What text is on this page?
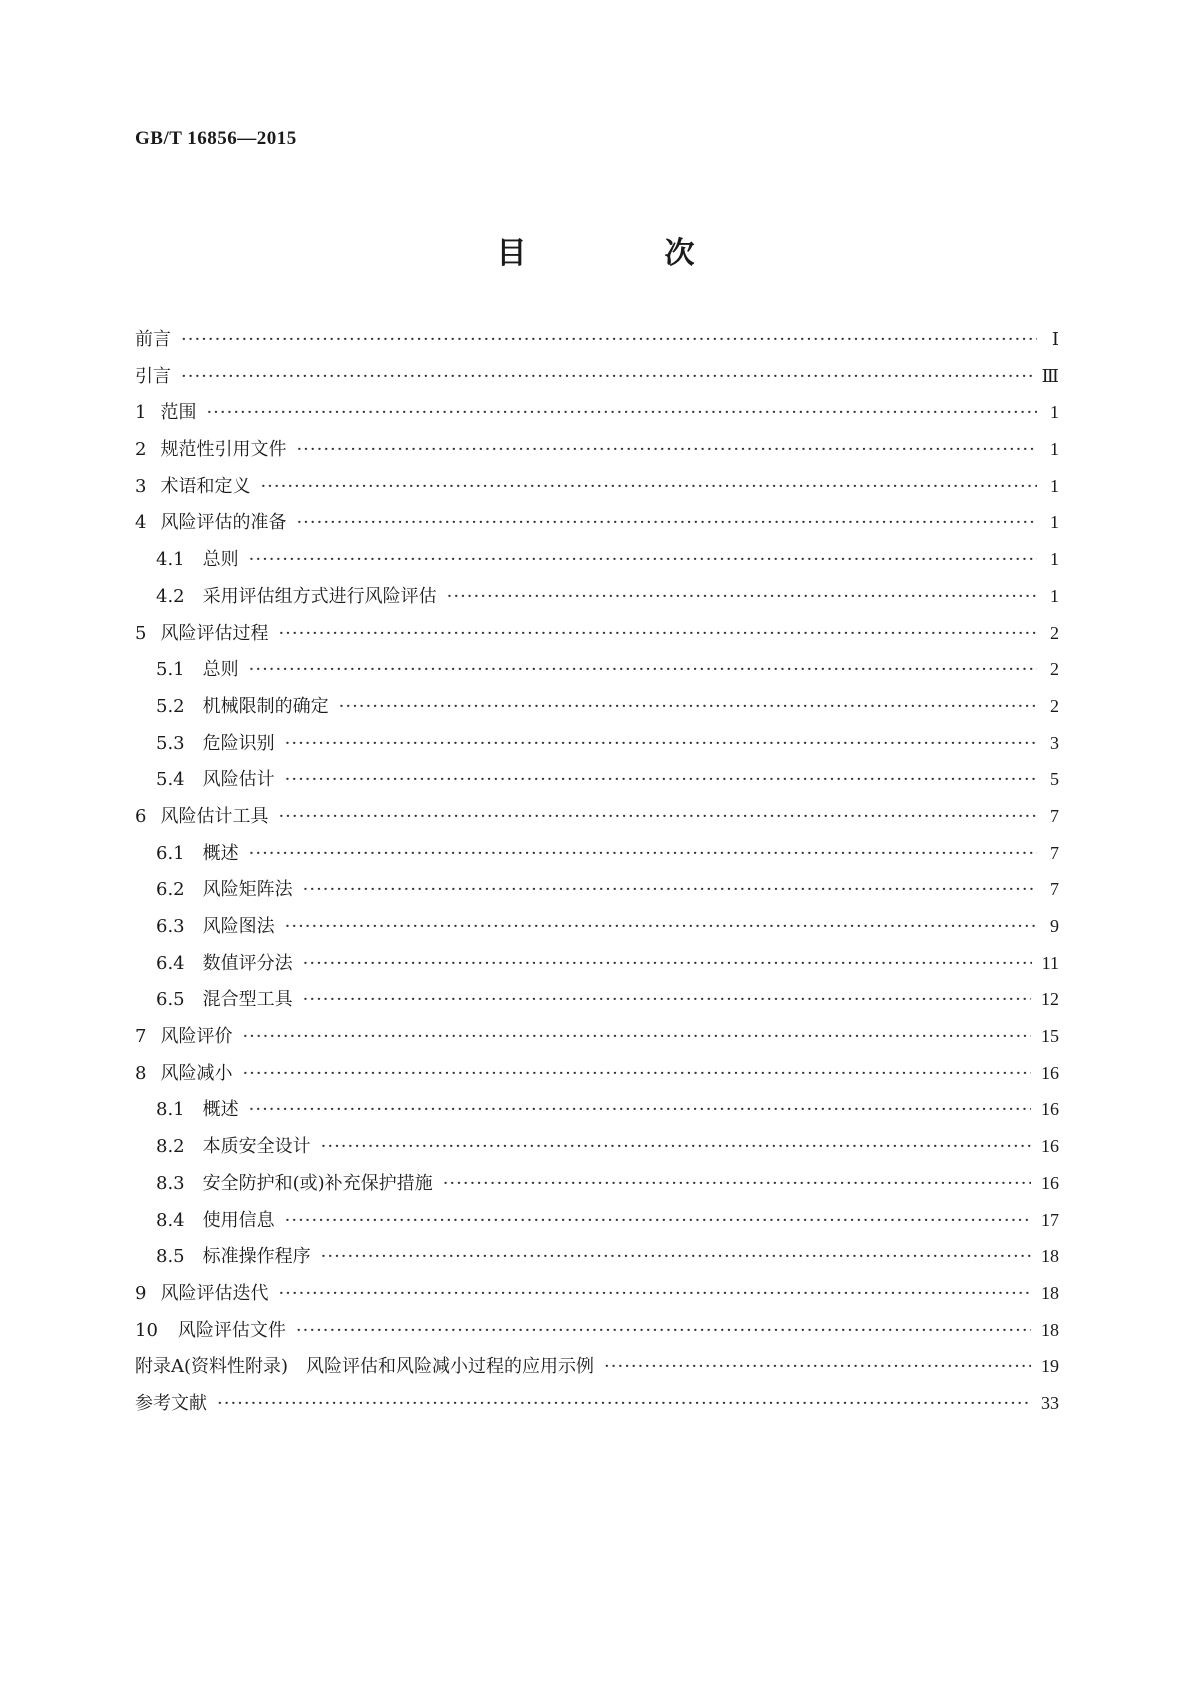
GB/T 16856—2015
目　次
前言 ·····	Ⅰ
引言 ·····	Ⅲ
1 范围 ·····	1
2 规范性引用文件 ·····	1
3 术语和定义 ·····	1
4 风险评估的准备 ·····	1
4.1 总则 ·····	1
4.2 采用评估组方式进行风险评估 ·····	1
5 风险评估过程 ·····	2
5.1 总则 ·····	2
5.2 机械限制的确定 ·····	2
5.3 危险识别 ·····	3
5.4 风险估计 ·····	5
6 风险估计工具 ·····	7
6.1 概述 ·····	7
6.2 风险矩阵法 ·····	7
6.3 风险图法 ·····	9
6.4 数值评分法 ·····	11
6.5 混合型工具 ·····	12
7 风险评价 ·····	15
8 风险减小 ·····	16
8.1 概述 ·····	16
8.2 本质安全设计 ·····	16
8.3 安全防护和(或)补充保护措施 ·····	16
8.4 使用信息 ·····	17
8.5 标准操作程序 ·····	18
9 风险评估迭代 ·····	18
10 风险评估文件 ·····	18
附录A(资料性附录)　风险评估和风险减小过程的应用示例 ·····	19
参考文献 ·····	33
